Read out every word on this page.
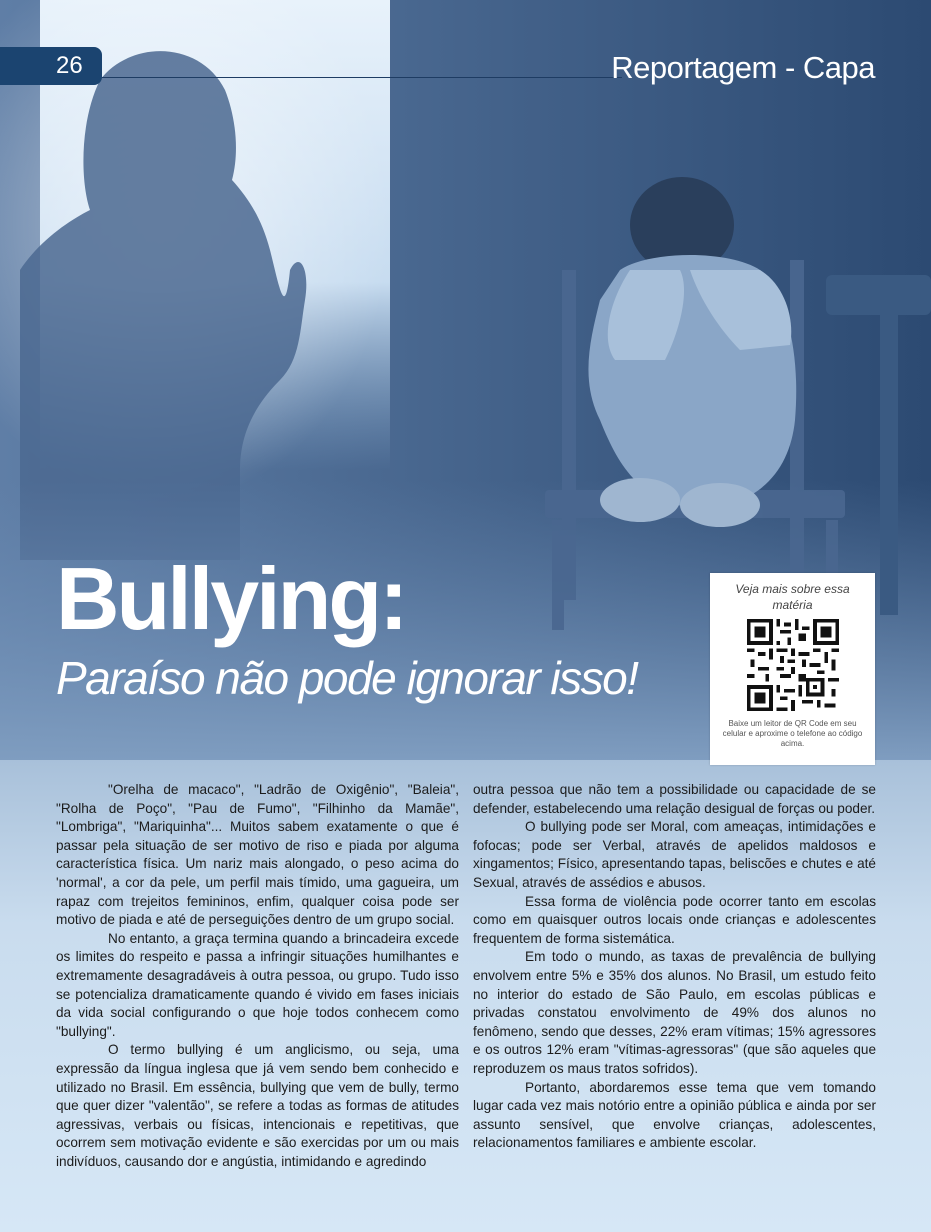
26	Reportagem - Capa
Bullying:
Paraíso não pode ignorar isso!
Veja mais sobre essa matéria
Baixe um leitor de QR Code em seu celular e aproxime o telefone ao código acima.

"Orelha de macaco", "Ladrão de Oxigênio", "Baleia", "Rolha de Poço", "Pau de Fumo", "Filhinho da Mamãe", "Lombriga", "Mariquinha"... Muitos sabem exatamente o que é passar pela situação de ser motivo de riso e piada por alguma característica física. Um nariz mais alongado, o peso acima do 'normal', a cor da pele, um perfil mais tímido, uma gagueira, um rapaz com trejeitos femininos, enfim, qualquer coisa pode ser motivo de piada e até de perseguições dentro de um grupo social.

No entanto, a graça termina quando a brincadeira excede os limites do respeito e passa a infringir situações humilhantes e extremamente desagradáveis à outra pessoa, ou grupo. Tudo isso se potencializa dramaticamente quando é vivido em fases iniciais da vida social configurando o que hoje todos conhecem como "bullying".

O termo bullying é um anglicismo, ou seja, uma expressão da língua inglesa que já vem sendo bem conhecido e utilizado no Brasil. Em essência, bullying que vem de bully, termo que quer dizer "valentão", se refere a todas as formas de atitudes agressivas, verbais ou físicas, intencionais e repetitivas, que ocorrem sem motivação evidente e são exercidas por um ou mais indivíduos, causando dor e angústia, intimidando e agredindo

outra pessoa que não tem a possibilidade ou capacidade de se defender, estabelecendo uma relação desigual de forças ou poder.

O bullying pode ser Moral, com ameaças, intimidações e fofocas; pode ser Verbal, através de apelidos maldosos e xingamentos; Físico, apresentando tapas, beliscões e chutes e até Sexual, através de assédios e abusos.

Essa forma de violência pode ocorrer tanto em escolas como em quaisquer outros locais onde crianças e adolescentes frequentem de forma sistemática.

Em todo o mundo, as taxas de prevalência de bullying envolvem entre 5% e 35% dos alunos. No Brasil, um estudo feito no interior do estado de São Paulo, em escolas públicas e privadas constatou envolvimento de 49% dos alunos no fenômeno, sendo que desses, 22% eram vítimas; 15% agressores e os outros 12% eram "vítimas-agressoras" (que são aqueles que reproduzem os maus tratos sofridos).

Portanto, abordaremos esse tema que vem tomando lugar cada vez mais notório entre a opinião pública e ainda por ser assunto sensível, que envolve crianças, adolescentes, relacionamentos familiares e ambiente escolar.
